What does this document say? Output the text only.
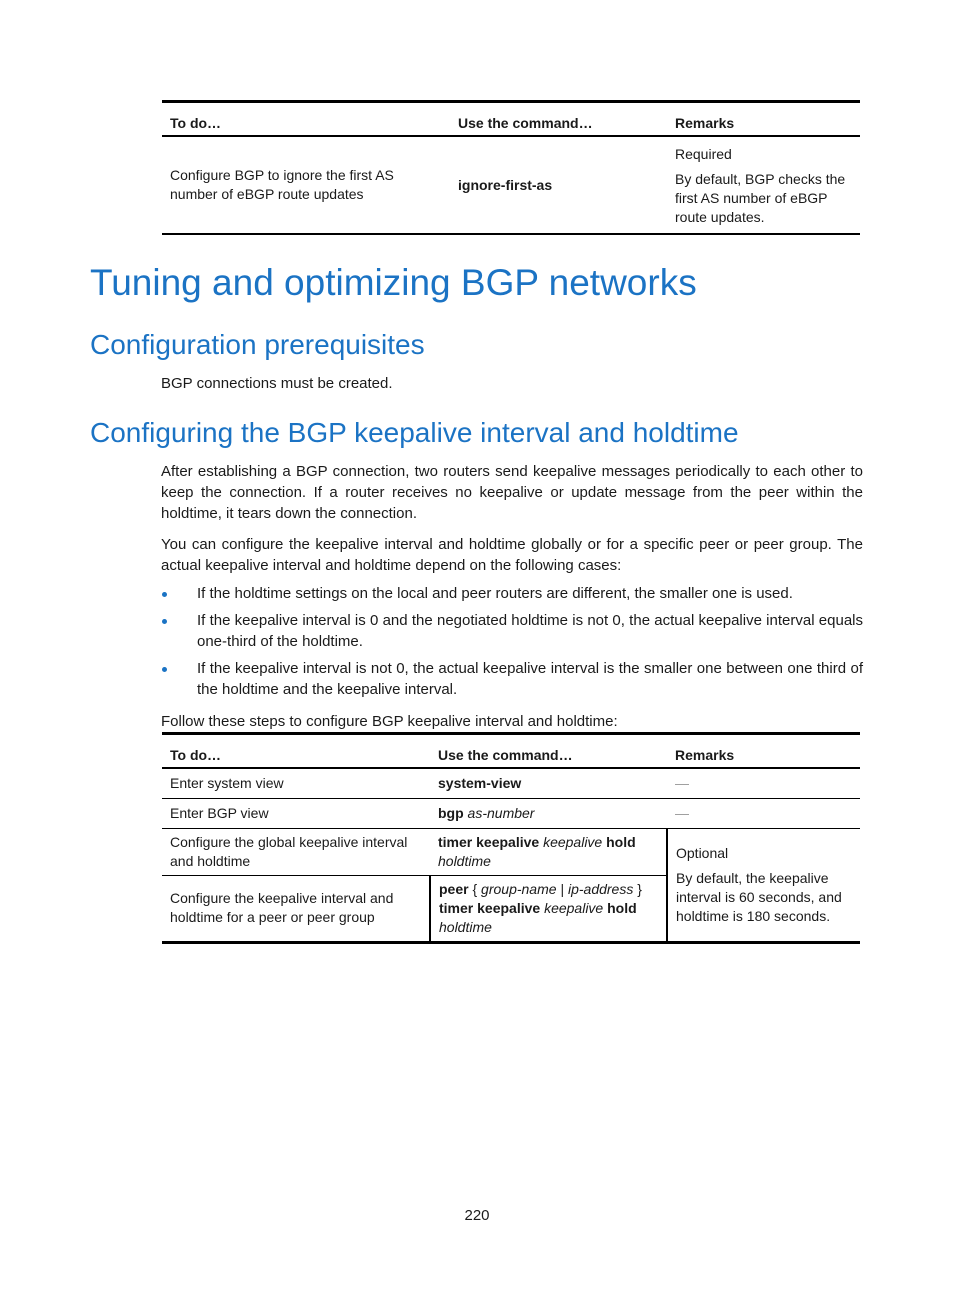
To do…	Use the command…	Remarks
Configure BGP to ignore the first AS number of eBGP route updates	ignore-first-as	Required
By default, BGP checks the first AS number of eBGP route updates.
Tuning and optimizing BGP networks
Configuration prerequisites

BGP connections must be created.

Configuring the BGP keepalive interval and holdtime

After establishing a BGP connection, two routers send keepalive messages periodically to each other to keep the connection. If a router receives no keepalive or update message from the peer within the holdtime, it tears down the connection.

You can configure the keepalive interval and holdtime globally or for a specific peer or peer group. The actual keepalive interval and holdtime depend on the following cases:

If the holdtime settings on the local and peer routers are different, the smaller one is used.
If the keepalive interval is 0 and the negotiated holdtime is not 0, the actual keepalive interval equals one-third of the holdtime.
If the keepalive interval is not 0, the actual keepalive interval is the smaller one between one third of the holdtime and the keepalive interval.

Follow these steps to configure BGP keepalive interval and holdtime:

To do…	Use the command…	Remarks
Enter system view	system-view	—
Enter BGP view	bgp as-number	—
Configure the global keepalive interval and holdtime	timer keepalive keepalive hold holdtime	Optional
By default, the keepalive interval is 60 seconds, and holdtime is 180 seconds.

Configure the keepalive interval and holdtime for a peer or peer group	peer { group-name | ip-address } timer keepalive keepalive hold holdtime	
220
